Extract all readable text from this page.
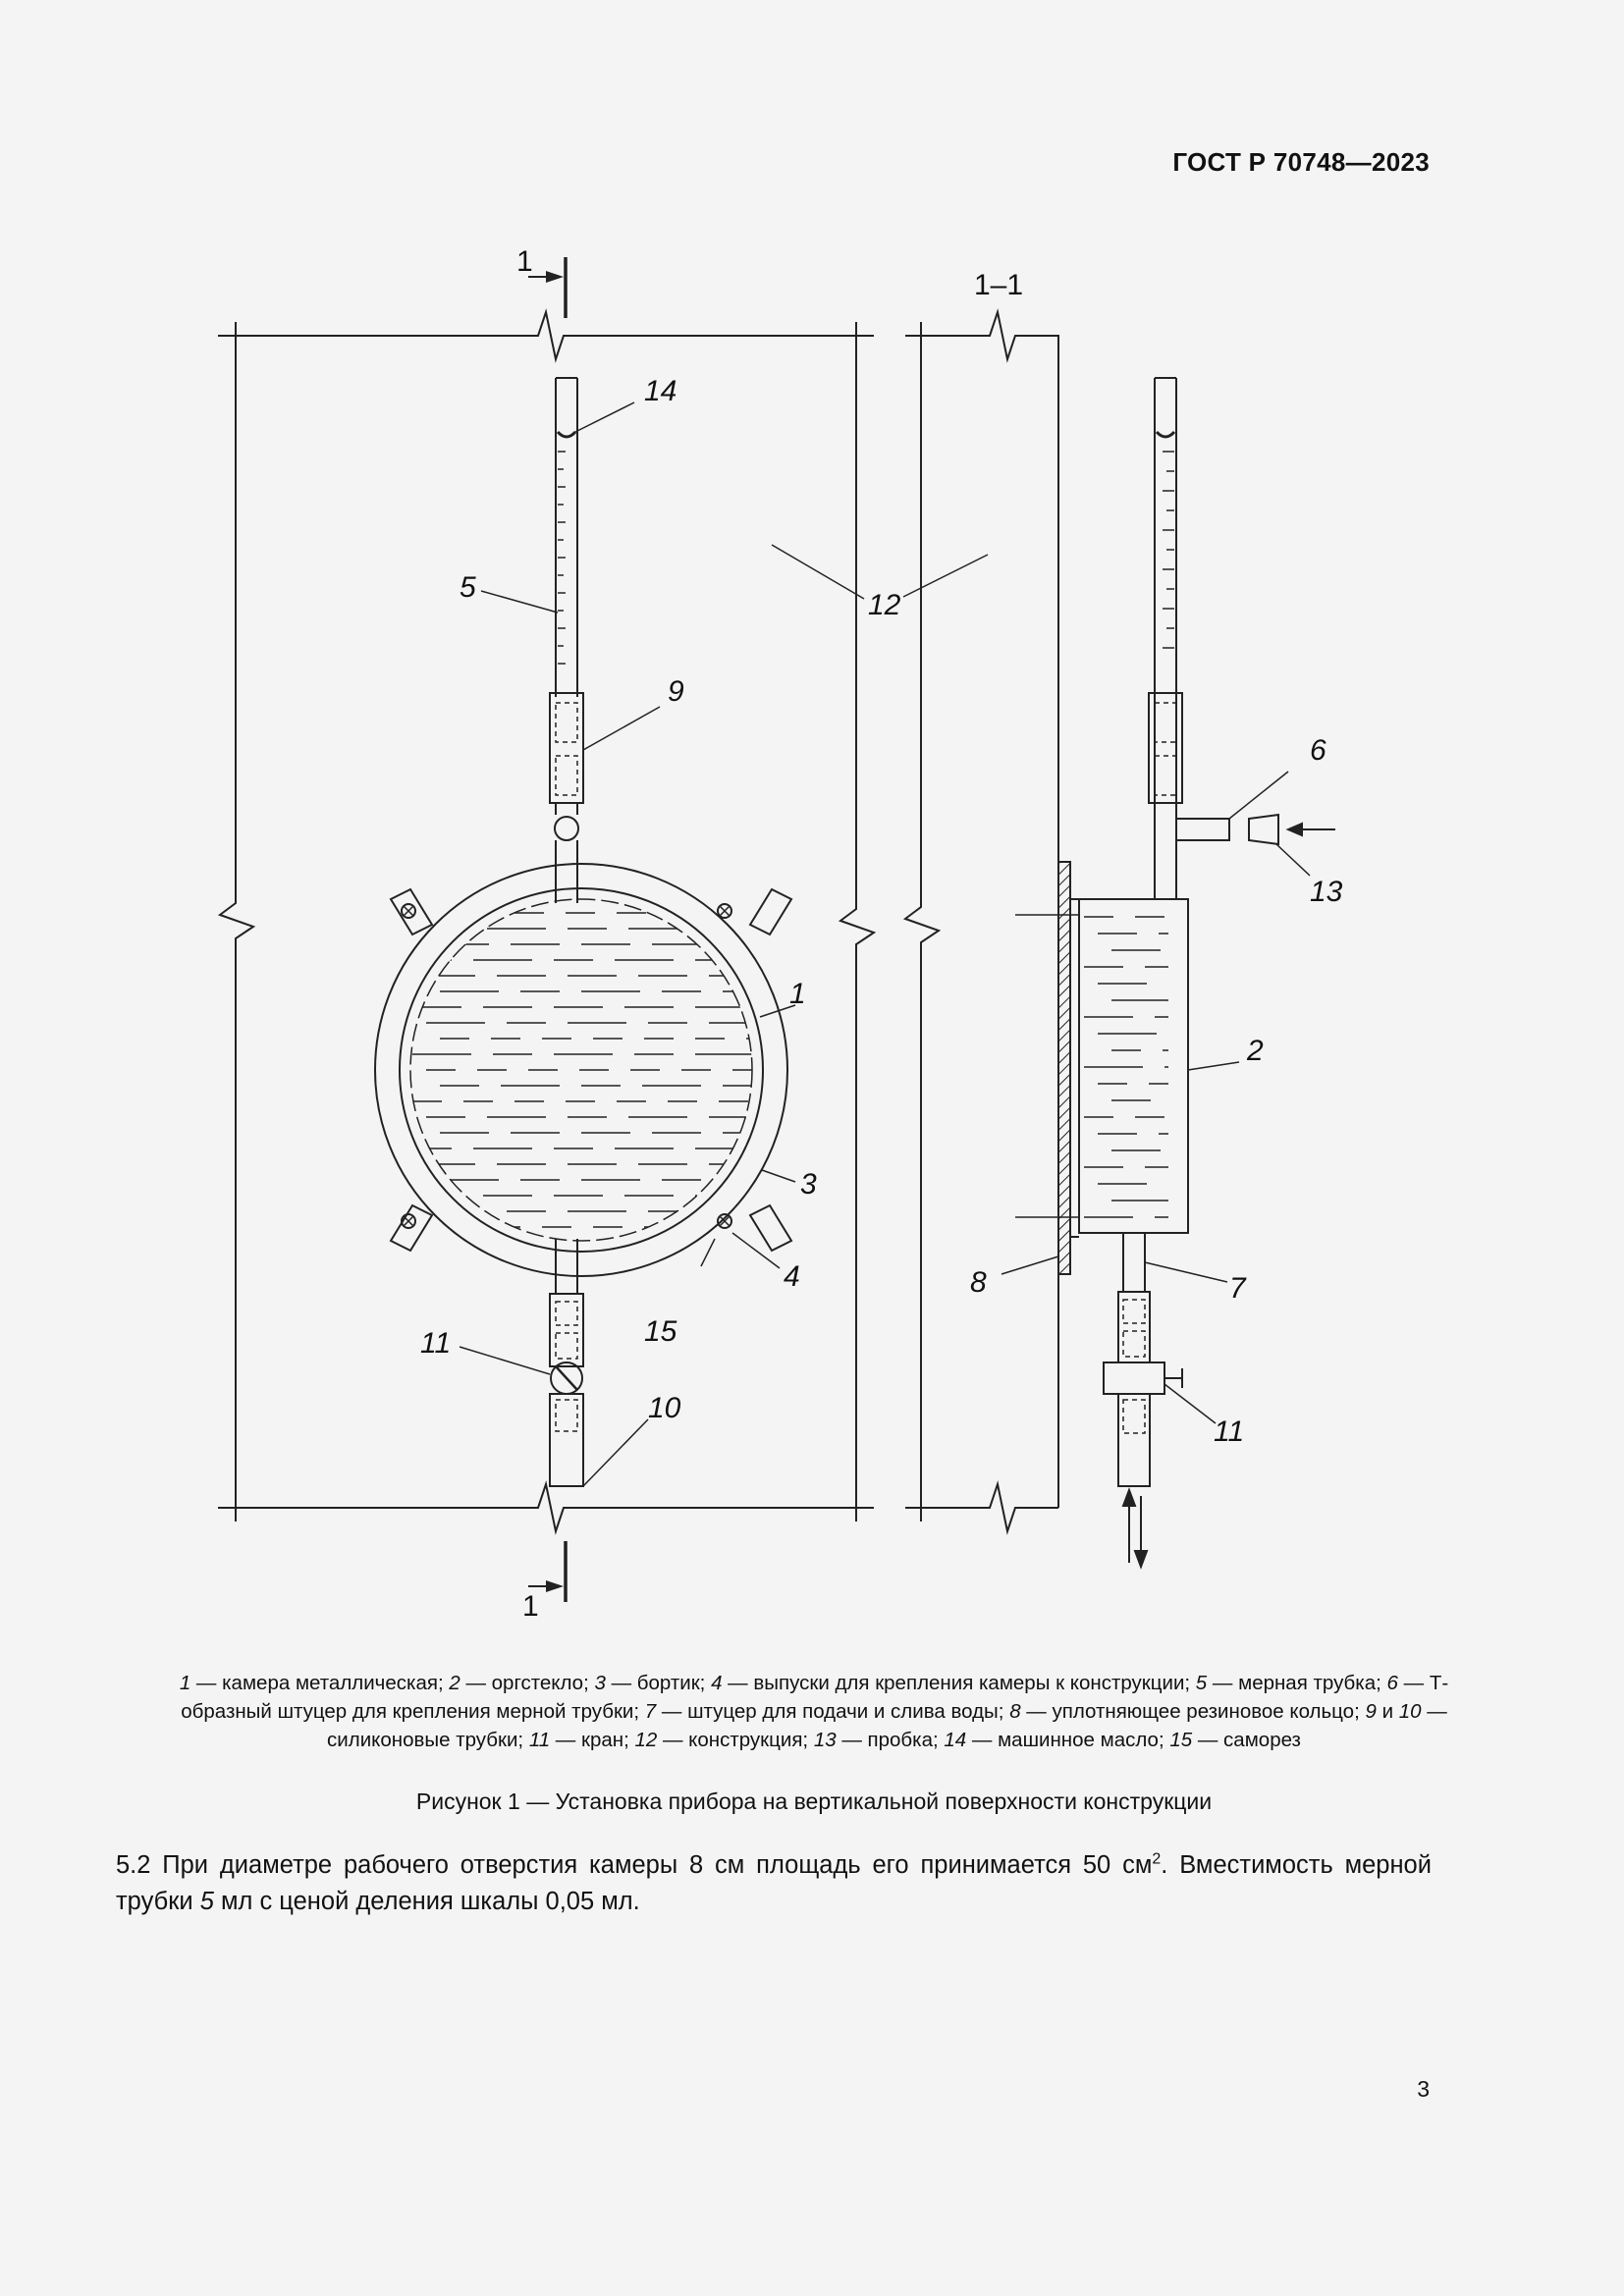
ГОСТ Р 70748—2023
1
1
1–1
1
2
3
4
5
6
7
8
9
10
11
11
12
13
14
15
1 — камера металлическая; 2 — оргстекло; 3 — бортик; 4 — выпуски для крепления камеры к конструкции; 5 — мерная трубка; 6 — Т-образный штуцер для крепления мерной трубки; 7 — штуцер для подачи и слива воды; 8 — уплотняющее резиновое кольцо; 9 и 10 — силиконовые трубки; 11 — кран; 12 — конструкция; 13 — пробка; 14 — машинное масло; 15 — саморез
Рисунок 1 — Установка прибора на вертикальной поверхности конструкции
5.2 При диаметре рабочего отверстия камеры 8 см площадь его принимается 50 $см^2$. Вместимость мерной трубки 5 мл с ценой деления шкалы 0,05 мл.
3
